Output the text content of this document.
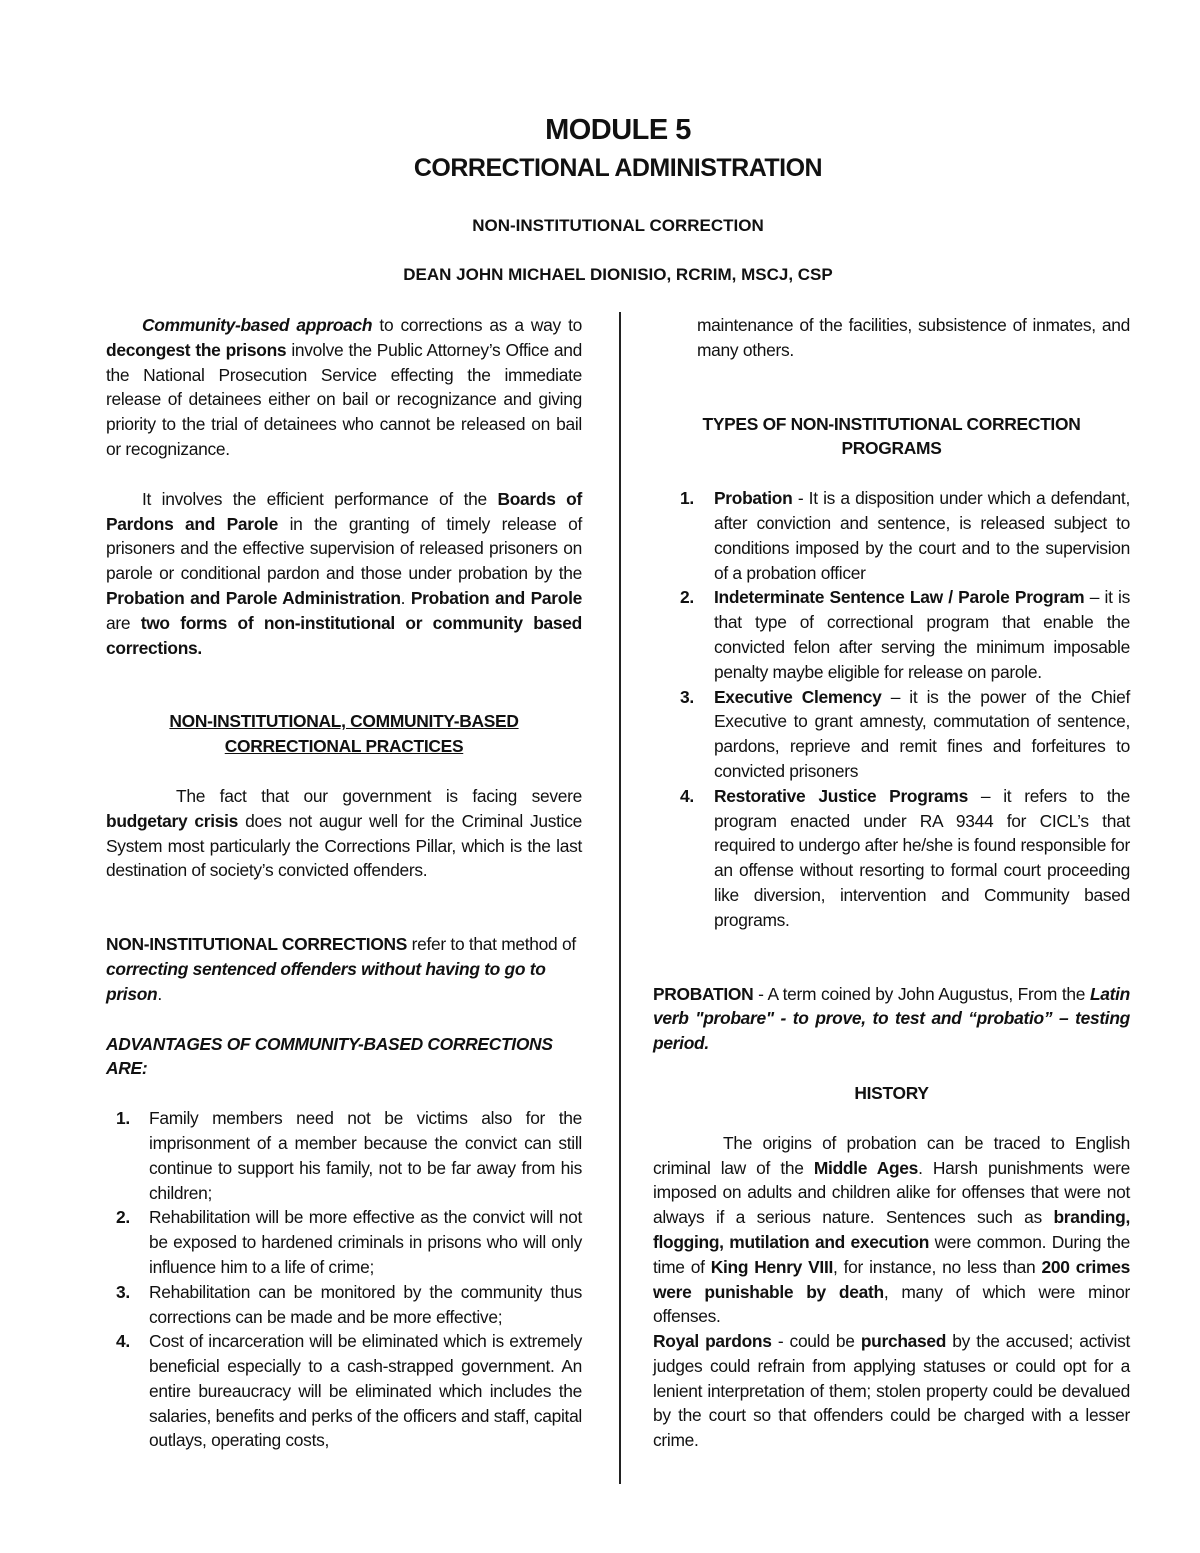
MODULE 5
CORRECTIONAL ADMINISTRATION
NON-INSTITUTIONAL CORRECTION
DEAN JOHN MICHAEL DIONISIO, RCRIM, MSCJ, CSP

Community-based approach to corrections as a way to decongest the prisons involve the Public Attorney’s Office and the National Prosecution Service effecting the immediate release of detainees either on bail or recognizance and giving priority to the trial of detainees who cannot be released on bail or recognizance.

It involves the efficient performance of the Boards of Pardons and Parole in the granting of timely release of prisoners and the effective supervision of released prisoners on parole or conditional pardon and those under probation by the Probation and Parole Administration. Probation and Parole are two forms of non-institutional or community based corrections.

NON-INSTITUTIONAL, COMMUNITY-BASED
CORRECTIONAL PRACTICES

The fact that our government is facing severe budgetary crisis does not augur well for the Criminal Justice System most particularly the Corrections Pillar, which is the last destination of society’s convicted offenders.

NON-INSTITUTIONAL CORRECTIONS refer to that method of correcting sentenced offenders without having to go to prison.

ADVANTAGES OF COMMUNITY-BASED CORRECTIONS ARE:

1. Family members need not be victims also for the imprisonment of a member because the convict can still continue to support his family, not to be far away from his children;
2. Rehabilitation will be more effective as the convict will not be exposed to hardened criminals in prisons who will only influence him to a life of crime;
3. Rehabilitation can be monitored by the community thus corrections can be made and be more effective;
4. Cost of incarceration will be eliminated which is extremely beneficial especially to a cash-strapped government. An entire bureaucracy will be eliminated which includes the salaries, benefits and perks of the officers and staff, capital outlays, operating costs,

maintenance of the facilities, subsistence of inmates, and many others.

TYPES OF NON-INSTITUTIONAL CORRECTION
PROGRAMS
1. Probation - It is a disposition under which a defendant, after conviction and sentence, is released subject to conditions imposed by the court and to the supervision of a probation officer
2. Indeterminate Sentence Law / Parole Program – it is that type of correctional program that enable the convicted felon after serving the minimum imposable penalty maybe eligible for release on parole.
3. Executive Clemency – it is the power of the Chief Executive to grant amnesty, commutation of sentence, pardons, reprieve and remit fines and forfeitures to convicted prisoners
4. Restorative Justice Programs – it refers to the program enacted under RA 9344 for CICL’s that required to undergo after he/she is found responsible for an offense without resorting to formal court proceeding like diversion, intervention and Community based programs.

PROBATION - A term coined by John Augustus, From the Latin verb "probare" - to prove, to test and “probatio” – testing period.

HISTORY

The origins of probation can be traced to English criminal law of the Middle Ages. Harsh punishments were imposed on adults and children alike for offenses that were not always if a serious nature. Sentences such as branding, flogging, mutilation and execution were common. During the time of King Henry VIII, for instance, no less than 200 crimes were punishable by death, many of which were minor offenses.

Royal pardons - could be purchased by the accused; activist judges could refrain from applying statuses or could opt for a lenient interpretation of them; stolen property could be devalued by the court so that offenders could be charged with a lesser crime.
